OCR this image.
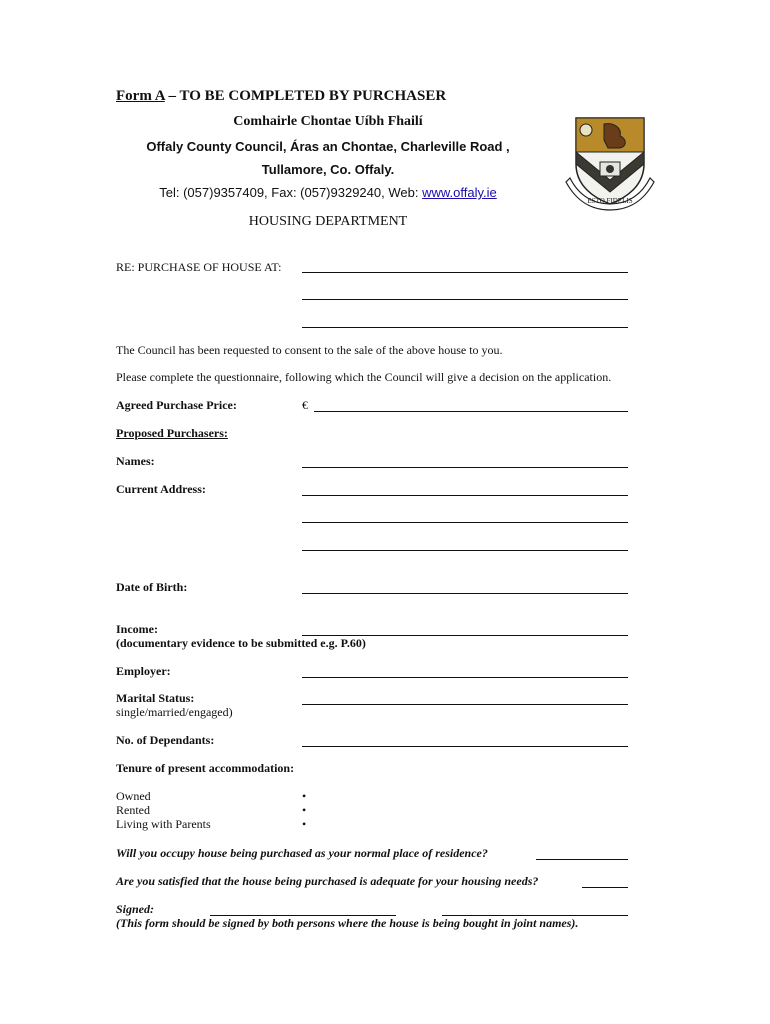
Form A – TO BE COMPLETED BY PURCHASER
Comhairle Chontae Uíbh Fhailí
Offaly County Council, Áras an Chontae, Charleville Road ,
Tullamore, Co. Offaly.
Tel: (057)9357409, Fax: (057)9329240, Web: www.offaly.ie
HOUSING DEPARTMENT
ESTO FIDELIS
RE: PURCHASE OF HOUSE AT:
The Council has been requested to consent to the sale of the above house to you.
Please complete the questionnaire, following which the Council will give a decision on the application.
Agreed Purchase Price:	€
Proposed Purchasers:
Names:
Current Address:
Date of Birth:
Income:
(documentary evidence to be submitted e.g. P.60)
Employer:
Marital Status:
single/married/engaged)
No. of Dependants:
Tenure of present accommodation:
Owned
Rented
Living with Parents
•
•
•
Will you occupy house being purchased as your normal place of residence?
Are you satisfied that the house being purchased is adequate for your housing needs?
Signed:
(This form should be signed by both persons where the house is being bought in joint names).
